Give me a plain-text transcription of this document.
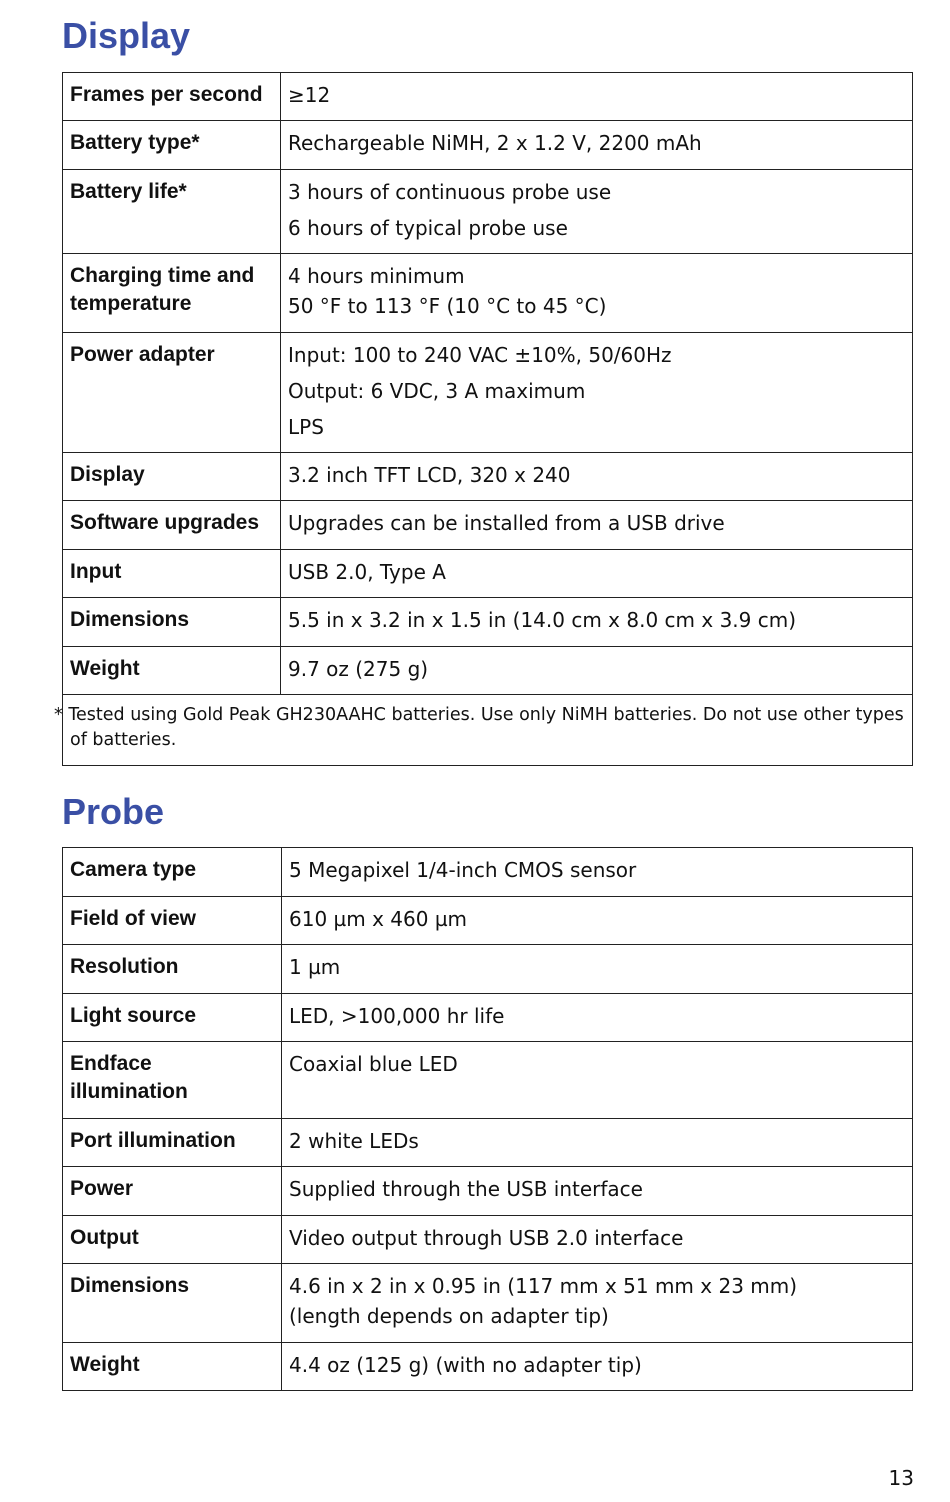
Display
Frames per second	≥12

Battery type*	Rechargeable NiMH, 2 x 1.2 V, 2200 mAh

Battery life*	3 hours of continuous probe use
6 hours of typical probe use

Charging time and temperature	4 hours minimum
50 °F to 113 °F (10 °C to 45 °C)

Power adapter	Input: 100 to 240 VAC ±10%, 50/60Hz
Output: 6 VDC, 3 A maximum
LPS

Display	3.2 inch TFT LCD, 320 x 240

Software upgrades	Upgrades can be installed from a USB drive

Input	USB 2.0, Type A

Dimensions	5.5 in x 3.2 in x 1.5 in (14.0 cm x 8.0 cm x 3.9 cm)

Weight	9.7 oz (275 g)

* Tested using Gold Peak GH230AAHC batteries. Use only NiMH batteries. Do not use other types of batteries.	
Probe
Camera type	5 Megapixel 1/4-inch CMOS sensor

Field of view	610 µm x 460 µm

Resolution	1 µm

Light source	LED, >100,000 hr life

Endface illumination	Coaxial blue LED

Port illumination	2 white LEDs

Power	Supplied through the USB interface

Output	Video output through USB 2.0 interface

Dimensions	4.6 in x 2 in x 0.95 in (117 mm x 51 mm x 23 mm)
(length depends on adapter tip)

Weight	4.4 oz (125 g) (with no adapter tip)
13
